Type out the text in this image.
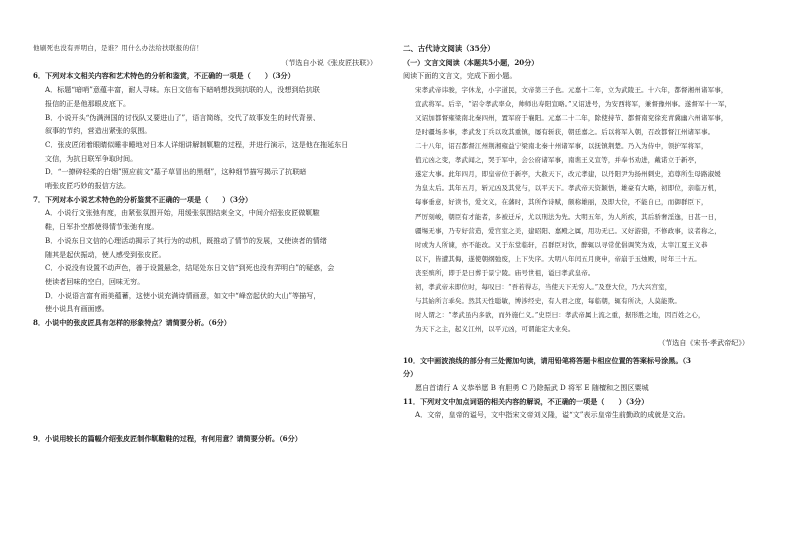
他刷死也没有弄明白，是谁？用什么办法给扶联报的信！
（节选自小说《张皮匠扶联》）
6．下列对本文相关内容和艺术特色的分析和鉴赏，不正确的一项是（　　）（3分）
A．标题“暗哨”意蕴丰富，耐人寻味。东日文信布下暗哨想找到抗联的人，没想到给抗联
报信的正是他那眼皮底下。
B．小说开头“伪满洲国的讨伐队又要进山了”，语言简练，交代了故事发生的时代背景、
叙事的节约，营造出紧张的氛围。
C．张皮匠闭着眼睛似睡非睡地对日本人详细讲解制靰鞡的过程，并进行演示，这是他在拖延东日
文信，为抗日联军争取时间。
D．“一撩碎轻柔的白烟”照应前文“墓子草冒出的黑烟”，这种细节描写揭示了抗联暗
哨张皮匠巧妙的报信方法。
7．下列对本小说艺术特色的分析鉴赏不正确的一项是（　　）（3分）
A．小说行文张弛有度，由紧张氛围开始，用缓张氛围结束全文，中间介绍张皮匠做靰鞡
鞋，日军扑空都使得情节张弛有度。
B．小说东日文信的心理活动揭示了其行为的动机，既推动了情节的发展，又使读者的情绪
随其是起伏振动，使人感受到张皮匠。
C．小说没有设置不动声色，善于设置悬念，结尾处东日文信“到死也没有弄明白”的疑惑，会
使读者回味的空白，回味无穷。
D．小说语言富有雨美蕴蓄，这使小说充满诗情画意，如文中“峰峦起伏的大山”等描写，
使小说具有画面感。
8．小说中的张皮匠具有怎样的形象特点？请简要分析。（6分）
9．小说用较长的篇幅介绍张皮匠制作靰鞡鞋的过程，有何用意？请简要分析。（6分）
二、古代诗文阅读（35分）
（一）文言文阅读（本题共5小题，20分）
阅读下面的文言文，完成下面小题。
宋孝武帝讳骏，字休龙，小字道民，文帝第三子也。元嘉十二年，立为武陵王。十六年，都督湘州诸军事，
宣武将军。后辛，“诏令孝武率众，帅师出寿阳宣略。”又诏进号，为安西将军，兼督豫州事。遂督军十一军，
又诏加都督雍梁南北秦四州，置军府于襄阳。元嘉二十二年，除使持节、都督南兖徐充青冀幽六州诸军事，
是时疆场多事，孝武发丁兵以攻其重镇，屡有斩获，朝廷嘉之。后以将军入朝，召改都督江州诸军事。
二十八年，诏召都督江州荆湘雍益宁梁南北秦十州诸军事，以抚镇荆楚。乃入为侍中，领护军将军，
值元凶之变，孝武闻之，哭于军中，会公府诸军事，南谯王义宣等，并奉书劝进，戴诺立于新亭，
遂定大事。此年四月，即皇帝位于新亭，大赦天下，改元孝建，以丹阳尹为扬州刺史，追尊所生母路淑媛
为皇太后。其年五月，斩元凶及其党与，以平天下。孝武帝天资颖悟，雄豪有大略，初即位，亲临万机，
每事垂意，好读书，爱文义，在藩时，其所作诗赋，颇称雄丽，及即大位，不能自已，而御群臣下，
严厉刻峻，朝臣有才能者，多被迁斥，尤以刑法为先。大明五年，为人所疾，其后骄奢淫逸，日甚一日，
疆埸无事，乃专好营造，爱宫室之美，建昭阳、嘉殿之属，用功无已。又好游猎，不修政事，议者称之，
时或为人所谏，亦不能改。又于东堂临轩，召群臣对饮，醉辄以寻常优倡调笑为戏，太宰江夏王义恭
以下，皆遭其侮，遂使朝纲弛废，上下失序。大明八年闰五月庚申，帝崩于玉烛殿，时年三十五。
丧至殡所，即于是日葬于景宁陵。庙号世祖，谥曰孝武皇帝。
初，孝武帝未即位时，每叹曰：“吾若得志，当使天下无穷人。”及登大位，乃大兴宫室，
与其始所言乖矣。然其天性聪敏，博涉经史，有人君之度，每临朝，辄有所决，人莫能欺。
时人谓之：“孝武虽内多欲，而外施仁义。”史臣曰：孝武帝属上流之重，据形胜之地，因百姓之心，
为天下之主，起义江州，以平元凶，可谓能定大业矣。
（节选自《宋书·孝武帝纪》）
10．文中画波浪线的部分有三处需加句读，请用铅笔将答题卡相应位置的答案标号涂黑。（3
分）
愿自首请行 A 义恭举愿 B 有胆勇 C 乃除振武 D 将军 E 随檀和之围区粟城
11．下列对文中加点词语的相关内容的解说，不正确的一项是（　　）（3分）
A．文帝，皇帝的谥号，文中指宋文帝刘义隆，谥“文”表示皇帝生前勤政的成就是文治。
